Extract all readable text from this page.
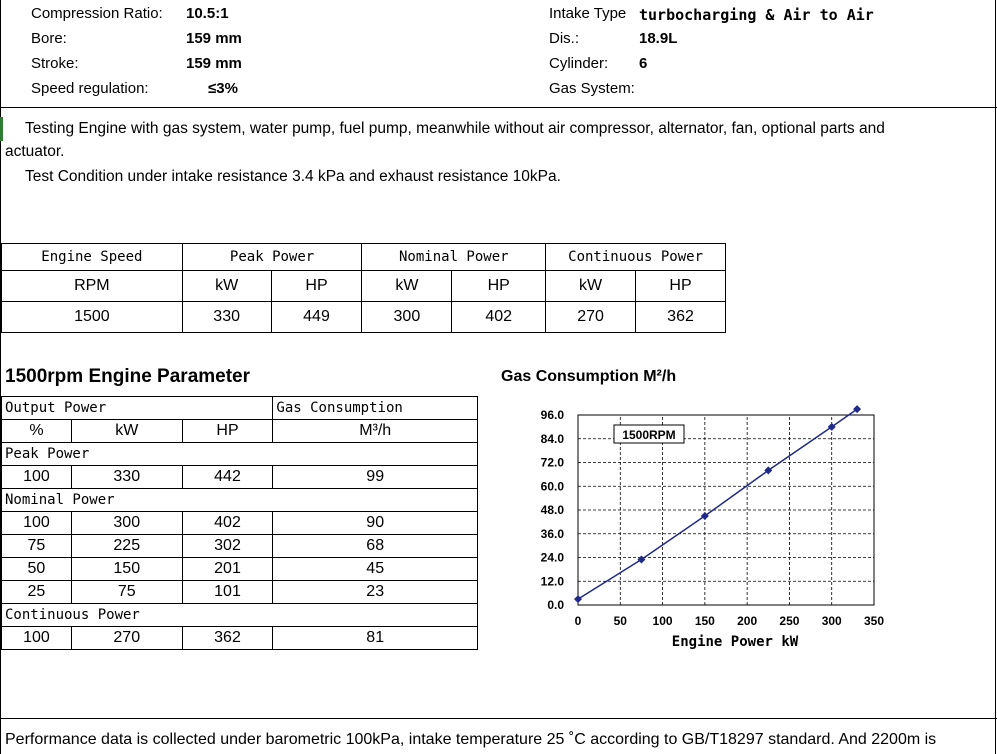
Compression Ratio: 10.5:1
Bore:	159 mm
Stroke:	159 mm
Speed regulation:	≤3%
Intake Type turbocharging & Air to Air
Dis.:	18.9L
Cylinder: 6
Gas System:
Testing Engine with gas system, water pump, fuel pump, meanwhile without air compressor, alternator, fan, optional parts and
actuator.
Test Condition under intake resistance 3.4 kPa and exhaust resistance 10kPa.
Engine Speed	Peak Power		Nominal Power		Continuous Power	
RPM	kW	HP	kW	HP	kW	HP
1500	330	449	300	402	270	362
1500rpm Engine Parameter
Output Power			Gas Consumption
%	kW	HP	M³/h
Peak Power			
100	330	442	99
Nominal Power			
100	300	402	90
75	225	302	68
50	150	201	45
25	75	101	23
Continuous Power			
100	270	362	81
Gas Consumption M²/h
0.0
12.0
24.0
36.0
48.0
60.0
72.0
84.0
96.0
0	50 100 150 200 250 300 350
1500RPM
Engine Power kW
Performance data is collected under barometric 100kPa, intake temperature 25 ˚C according to GB/T18297 standard. And 2200m is
